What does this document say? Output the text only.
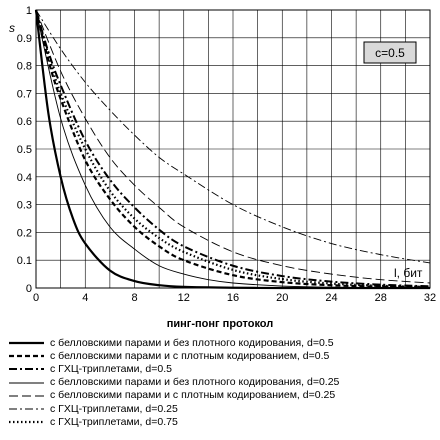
0	4	8	12	16	20	24	28	32
0
0.1
0.2
0.3
0.4
0.5
0.6
0.7
0.8
0.9
1
s
l, бит
c=0.5
пинг-понг протокол
с белловскими парами и без плотного кодирования, d=0.5
с белловскими парами и с плотным кодированием, d=0.5
с ГХЦ-триплетами, d=0.5
с белловскими парами и без плотного кодирования, d=0.25
с белловскими парами и с плотным кодированием, d=0.25
с ГХЦ-триплетами, d=0.25
с ГХЦ-триплетами, d=0.75
